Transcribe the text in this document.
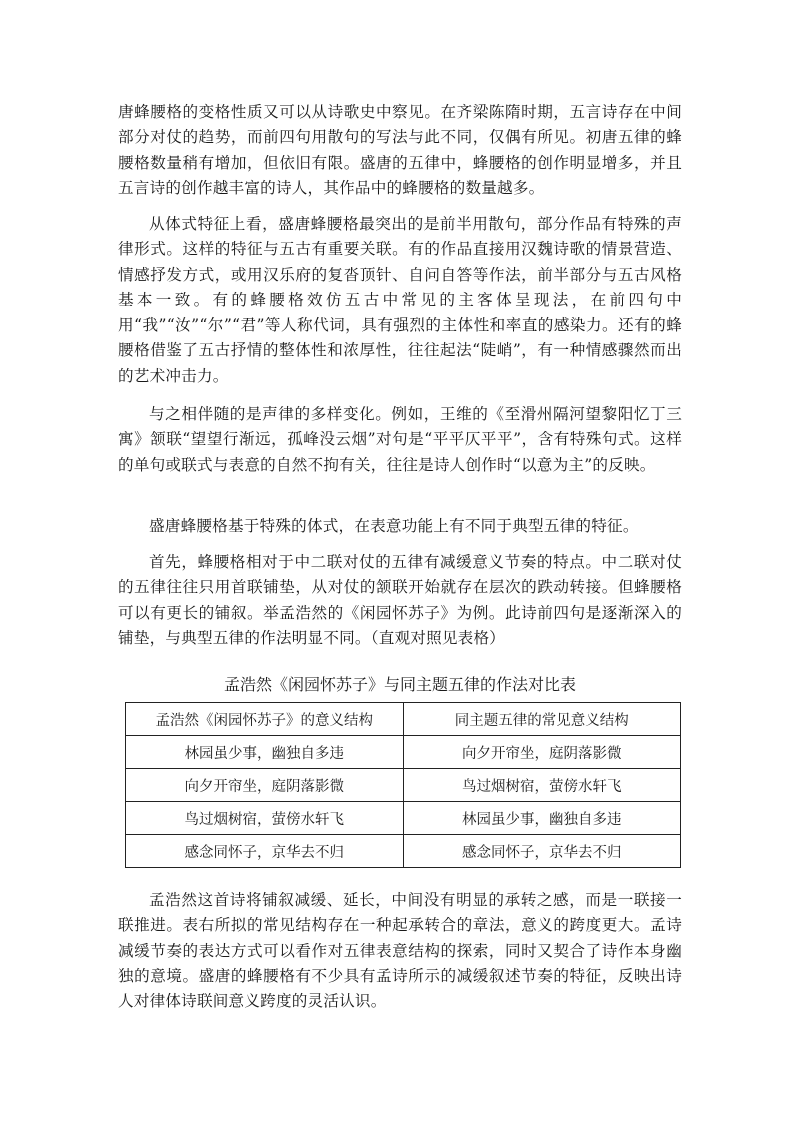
唐蜂腰格的变格性质又可以从诗歌史中察见。在齐梁陈隋时期，五言诗存在中间部分对仗的趋势，而前四句用散句的写法与此不同，仅偶有所见。初唐五律的蜂腰格数量稍有增加，但依旧有限。盛唐的五律中，蜂腰格的创作明显增多，并且五言诗的创作越丰富的诗人，其作品中的蜂腰格的数量越多。

从体式特征上看，盛唐蜂腰格最突出的是前半用散句，部分作品有特殊的声律形式。这样的特征与五古有重要关联。有的作品直接用汉魏诗歌的情景营造、情感抒发方式，或用汉乐府的复沓顶针、自问自答等作法，前半部分与五古风格基本一致。有的蜂腰格效仿五古中常见的主客体呈现法，在前四句中用“我”“汝”“尔”“君”等人称代词，具有强烈的主体性和率直的感染力。还有的蜂腰格借鉴了五古抒情的整体性和浓厚性，往往起法“陡峭”，有一种情感骤然而出的艺术冲击力。

与之相伴随的是声律的多样变化。例如，王维的《至滑州隔河望黎阳忆丁三寓》颔联“望望行渐远，孤峰没云烟”对句是“平平仄平平”，含有特殊句式。这样的单句或联式与表意的自然不拘有关，往往是诗人创作时“以意为主”的反映。

盛唐蜂腰格基于特殊的体式，在表意功能上有不同于典型五律的特征。

首先，蜂腰格相对于中二联对仗的五律有减缓意义节奏的特点。中二联对仗的五律往往只用首联铺垫，从对仗的颔联开始就存在层次的跌动转接。但蜂腰格可以有更长的铺叙。举孟浩然的《闲园怀苏子》为例。此诗前四句是逐渐深入的铺垫，与典型五律的作法明显不同。（直观对照见表格）

孟浩然《闲园怀苏子》与同主题五律的作法对比表
孟浩然《闲园怀苏子》的意义结构	同主题五律的常见意义结构
林园虽少事，幽独自多违	向夕开帘坐，庭阴落影微
向夕开帘坐，庭阴落影微	鸟过烟树宿，萤傍水轩飞
鸟过烟树宿，萤傍水轩飞	林园虽少事，幽独自多违
感念同怀子，京华去不归	感念同怀子，京华去不归

孟浩然这首诗将铺叙减缓、延长，中间没有明显的承转之感，而是一联接一联推进。表右所拟的常见结构存在一种起承转合的章法，意义的跨度更大。孟诗减缓节奏的表达方式可以看作对五律表意结构的探索，同时又契合了诗作本身幽独的意境。盛唐的蜂腰格有不少具有孟诗所示的减缓叙述节奏的特征，反映出诗人对律体诗联间意义跨度的灵活认识。
